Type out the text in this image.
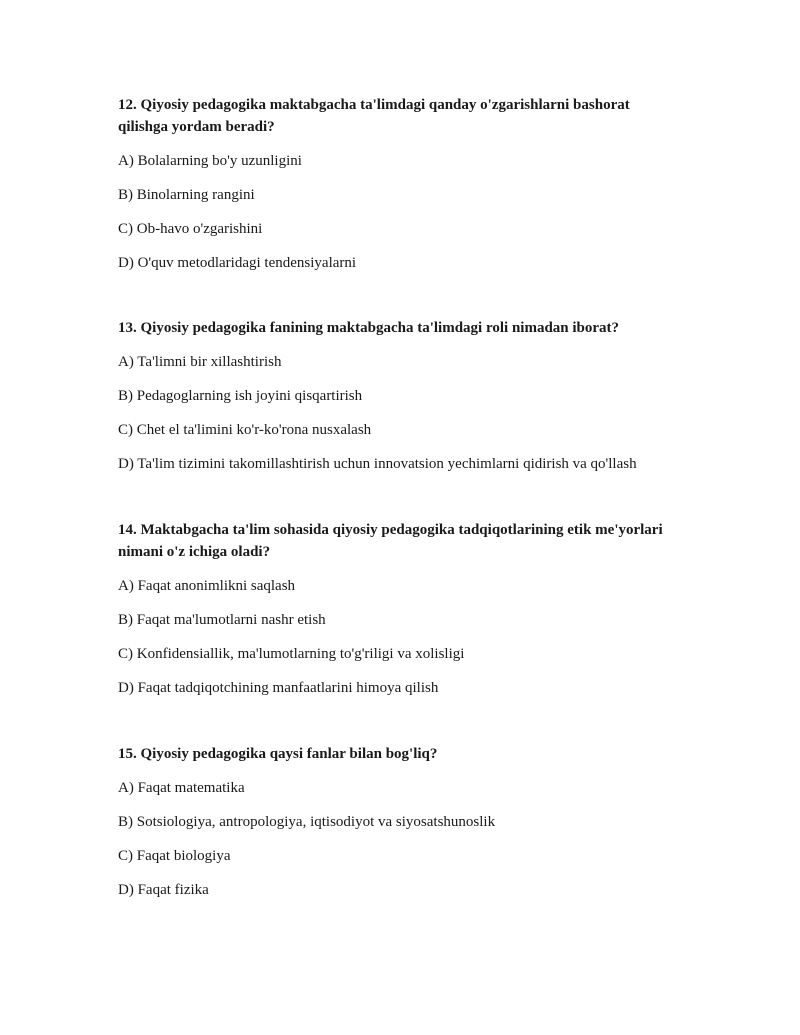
12. Qiyosiy pedagogika maktabgacha ta'limdagi qanday o'zgarishlarni bashorat qilishga yordam beradi?

A) Bolalarning bo'y uzunligini

B) Binolarning rangini

C) Ob-havo o'zgarishini

D) O'quv metodlaridagi tendensiyalarni

13. Qiyosiy pedagogika fanining maktabgacha ta'limdagi roli nimadan iborat?

A) Ta'limni bir xillashtirish

B) Pedagoglarning ish joyini qisqartirish

C) Chet el ta'limini ko'r-ko'rona nusxalash

D) Ta'lim tizimini takomillashtirish uchun innovatsion yechimlarni qidirish va qo'llash

14. Maktabgacha ta'lim sohasida qiyosiy pedagogika tadqiqotlarining etik me'yorlari nimani o'z ichiga oladi?

A) Faqat anonimlikni saqlash

B) Faqat ma'lumotlarni nashr etish

C) Konfidensiallik, ma'lumotlarning to'g'riligi va xolisligi

D) Faqat tadqiqotchining manfaatlarini himoya qilish

15. Qiyosiy pedagogika qaysi fanlar bilan bog'liq?

A) Faqat matematika

B) Sotsiologiya, antropologiya, iqtisodiyot va siyosatshunoslik

C) Faqat biologiya

D) Faqat fizika
